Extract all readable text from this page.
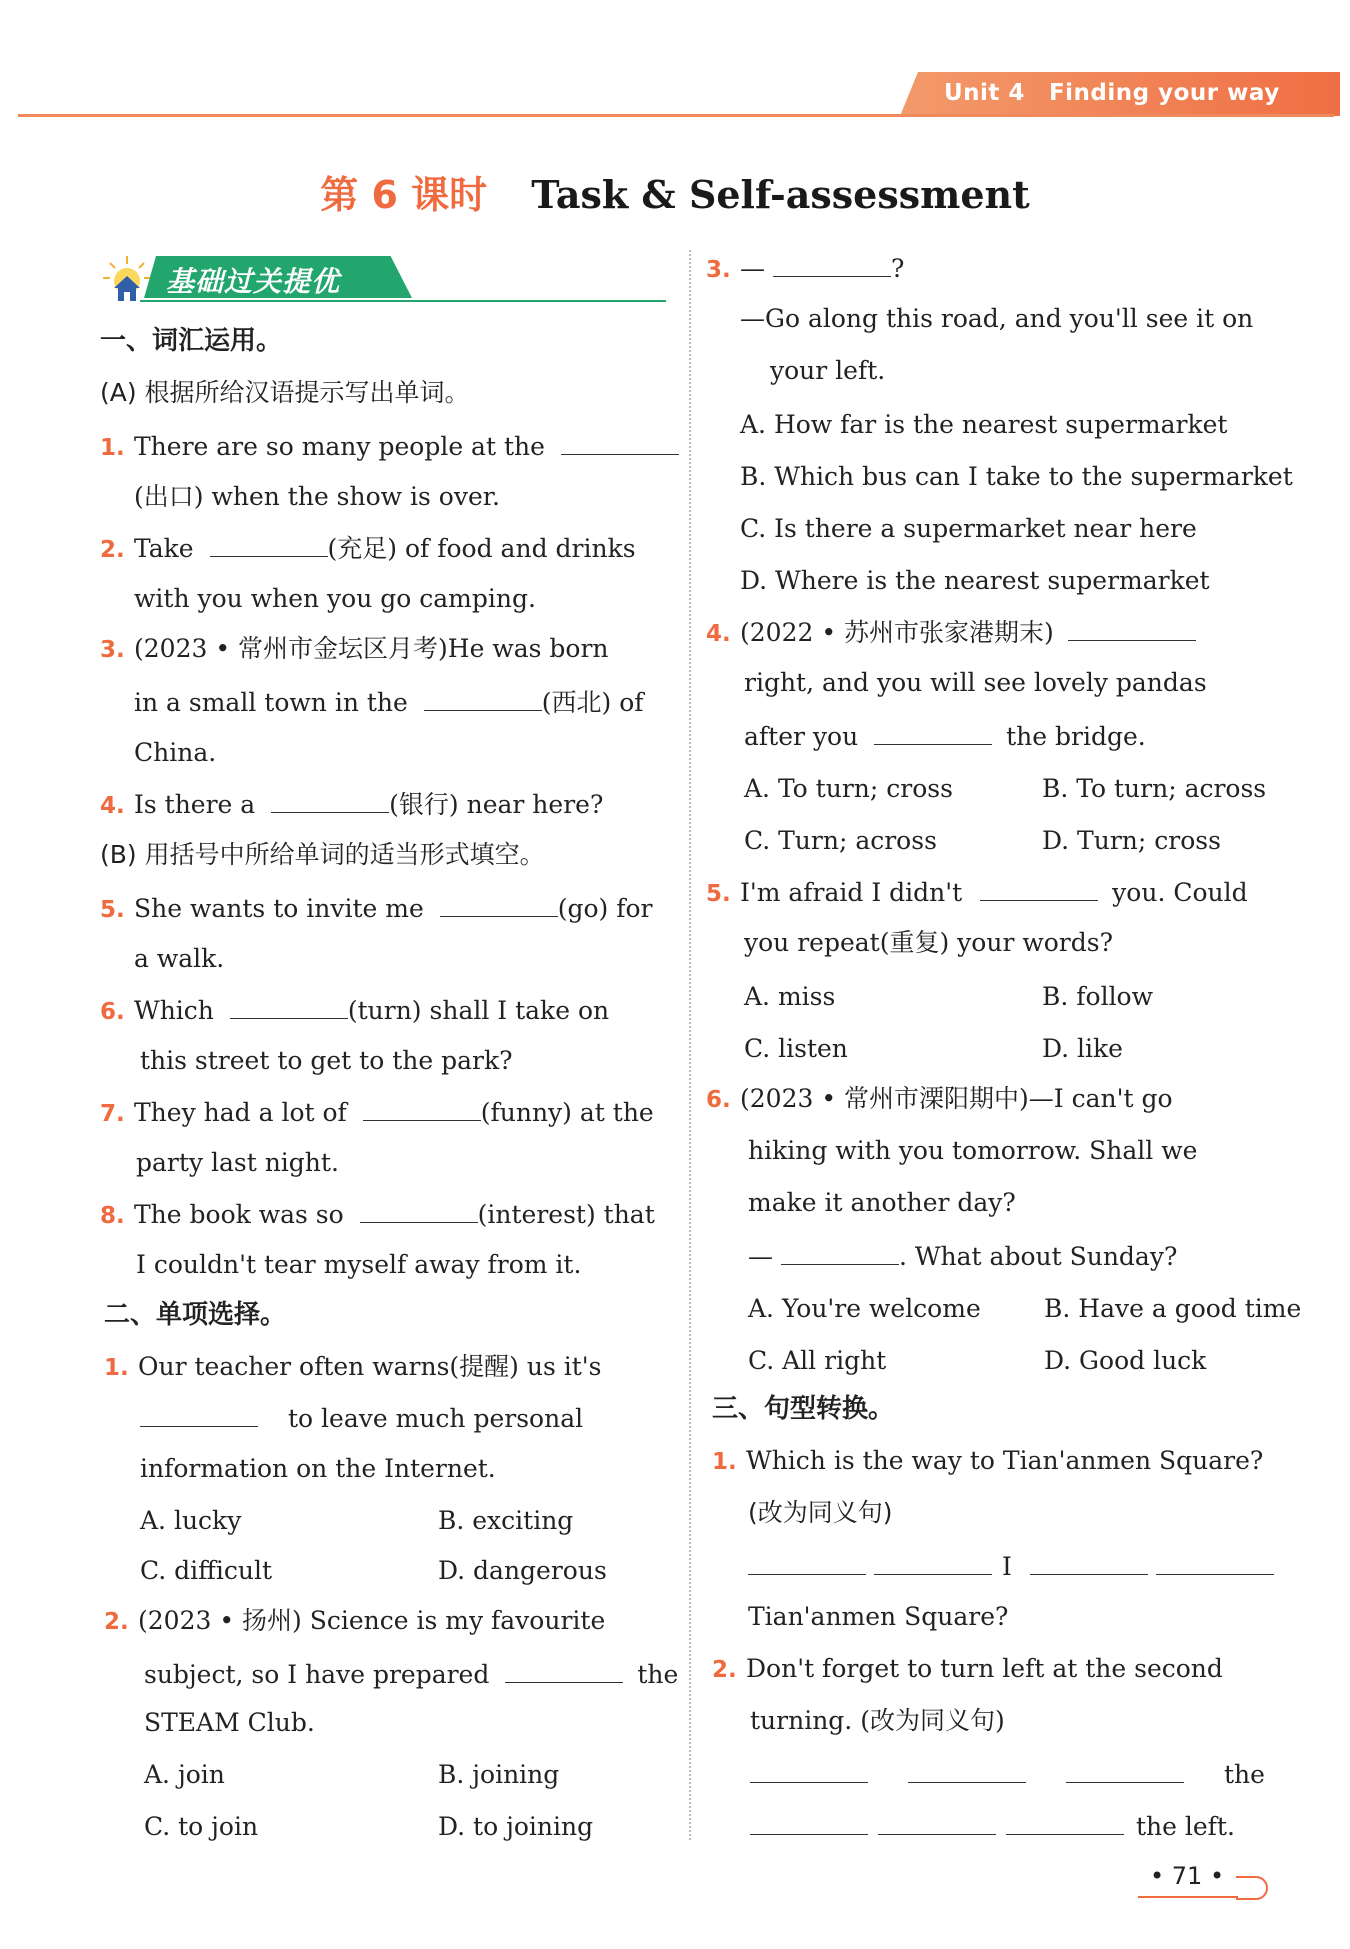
Unit 4 Finding your way
第 6 课时 Task & Self-assessment
基础过关提优
一、词汇运用。
(A) 根据所给汉语提示写出单词。
1. There are so many people at the
(出口) when the show is over.
2. Take	(充足) of food and drinks
with you when you go camping.
3. (2023 • 常州市金坛区月考)He was born
in a small town in the	(西北) of
China.
4. Is there a	(银行) near here?
(B) 用括号中所给单词的适当形式填空。
5. She wants to invite me	(go) for
a walk.
6. Which	(turn) shall I take on
this street to get to the park?
7. They had a lot of	(funny) at the
party last night.
8. The book was so	(interest) that
I couldn't tear myself away from it.
二、单项选择。
1. Our teacher often warns(提醒) us it's
to leave much personal
information on the Internet.
A. lucky	B. exciting
C. difficult	D. dangerous
2. (2023 • 扬州) Science is my favourite
subject, so I have prepared	the
STEAM Club.
A. join	B. joining
C. to join	D. to joining
3. —	?
—Go along this road, and you'll see it on
your left.
A. How far is the nearest supermarket
B. Which bus can I take to the supermarket
C. Is there a supermarket near here
D. Where is the nearest supermarket
4. (2022 • 苏州市张家港期末)
right, and you will see lovely pandas
after you	the bridge.
A. To turn; cross	B. To turn; across
C. Turn; across	D. Turn; cross
5. I'm afraid I didn't	you. Could
you repeat(重复) your words?
A. miss	B. follow
C. listen	D. like
6. (2023 • 常州市溧阳期中)—I can't go
hiking with you tomorrow. Shall we
make it another day?
—	. What about Sunday?
A. You're welcome	B. Have a good time
C. All right	D. Good luck
三、句型转换。
1. Which is the way to Tian'anmen Square?
(改为同义句)
I
Tian'anmen Square?
2. Don't forget to turn left at the second
turning. (改为同义句)
the
the left.
• 71 •
